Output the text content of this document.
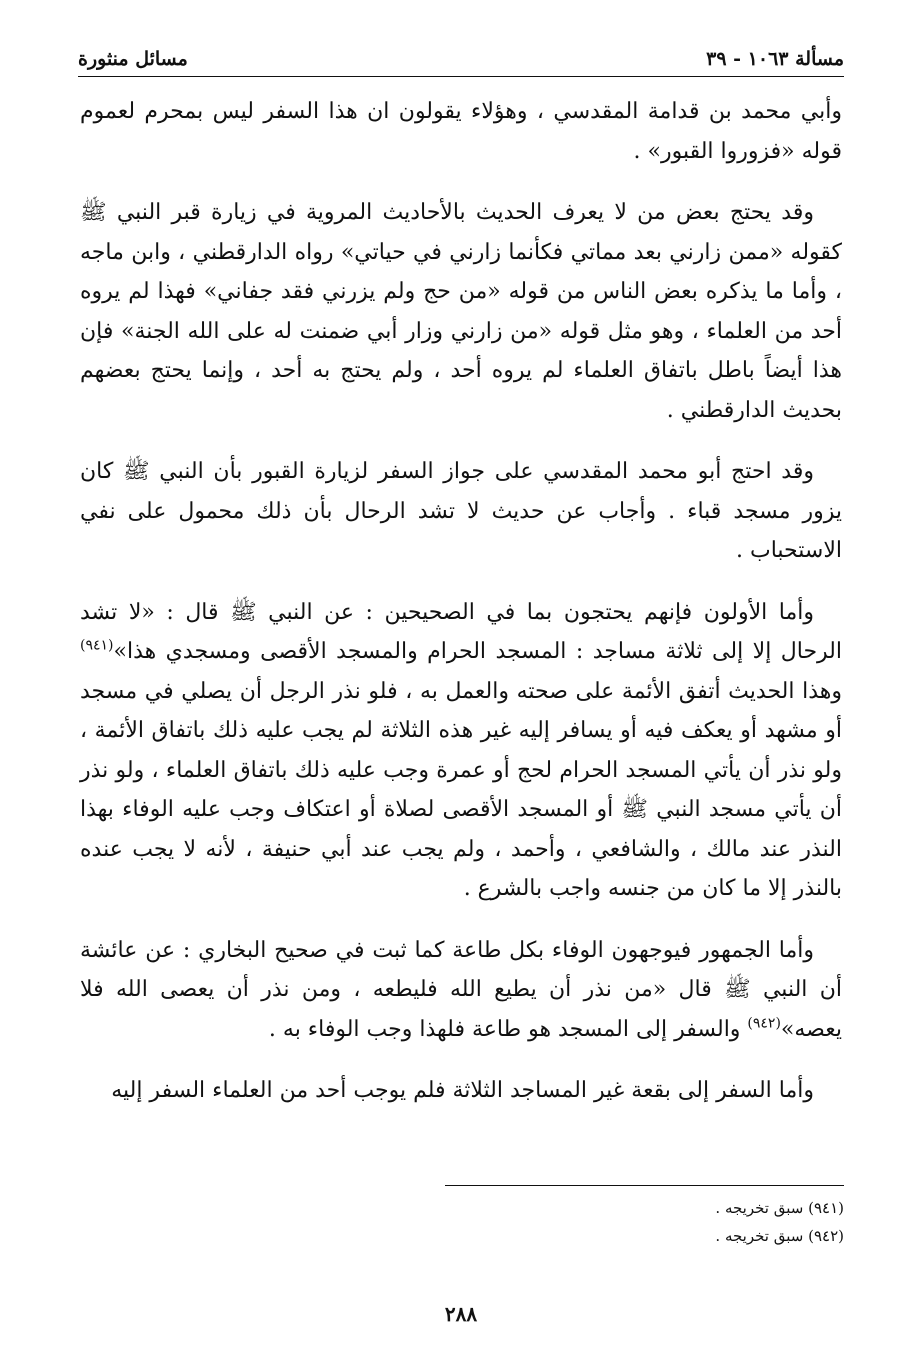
مسألة ١٠٦٣ - ٣٩
مسائل منثورة

وأبي محمد بن قدامة المقدسي ، وهؤلاء يقولون ان هذا السفر ليس بمحرم لعموم قوله «فزوروا القبور» .

وقد يحتج بعض من لا يعرف الحديث بالأحاديث المروية في زيارة قبر النبي ﷺ كقوله «ممن زارني بعد مماتي فكأنما زارني في حياتي» رواه الدارقطني ، وابن ماجه ، وأما ما يذكره بعض الناس من قوله «من حج ولم يزرني فقد جفاني» فهذا لم يروه أحد من العلماء ، وهو مثل قوله «من زارني وزار أبي ضمنت له على الله الجنة» فإن هذا أيضاً باطل باتفاق العلماء لم يروه أحد ، ولم يحتج به أحد ، وإنما يحتج بعضهم بحديث الدارقطني .

وقد احتج أبو محمد المقدسي على جواز السفر لزيارة القبور بأن النبي ﷺ كان يزور مسجد قباء . وأجاب عن حديث لا تشد الرحال بأن ذلك محمول على نفي الاستحباب .

وأما الأولون فإنهم يحتجون بما في الصحيحين : عن النبي ﷺ قال : «لا تشد الرحال إلا إلى ثلاثة مساجد : المسجد الحرام والمسجد الأقصى ومسجدي هذا»$^{(٩٤١)}$ وهذا الحديث أتفق الأئمة على صحته والعمل به ، فلو نذر الرجل أن يصلي في مسجد أو مشهد أو يعكف فيه أو يسافر إليه غير هذه الثلاثة لم يجب عليه ذلك باتفاق الأئمة ، ولو نذر أن يأتي المسجد الحرام لحج أو عمرة وجب عليه ذلك باتفاق العلماء ، ولو نذر أن يأتي مسجد النبي ﷺ أو المسجد الأقصى لصلاة أو اعتكاف وجب عليه الوفاء بهذا النذر عند مالك ، والشافعي ، وأحمد ، ولم يجب عند أبي حنيفة ، لأنه لا يجب عنده بالنذر إلا ما كان من جنسه واجب بالشرع .

وأما الجمهور فيوجهون الوفاء بكل طاعة كما ثبت في صحيح البخاري : عن عائشة أن النبي ﷺ قال «من نذر أن يطيع الله فليطعه ، ومن نذر أن يعصى الله فلا يعصه»$^{(٩٤٢)}$ والسفر إلى المسجد هو طاعة فلهذا وجب الوفاء به .

وأما السفر إلى بقعة غير المساجد الثلاثة فلم يوجب أحد من العلماء السفر إليه

(٩٤١) سبق تخريجه .
(٩٤٢) سبق تخريجه .
٢٨٨
